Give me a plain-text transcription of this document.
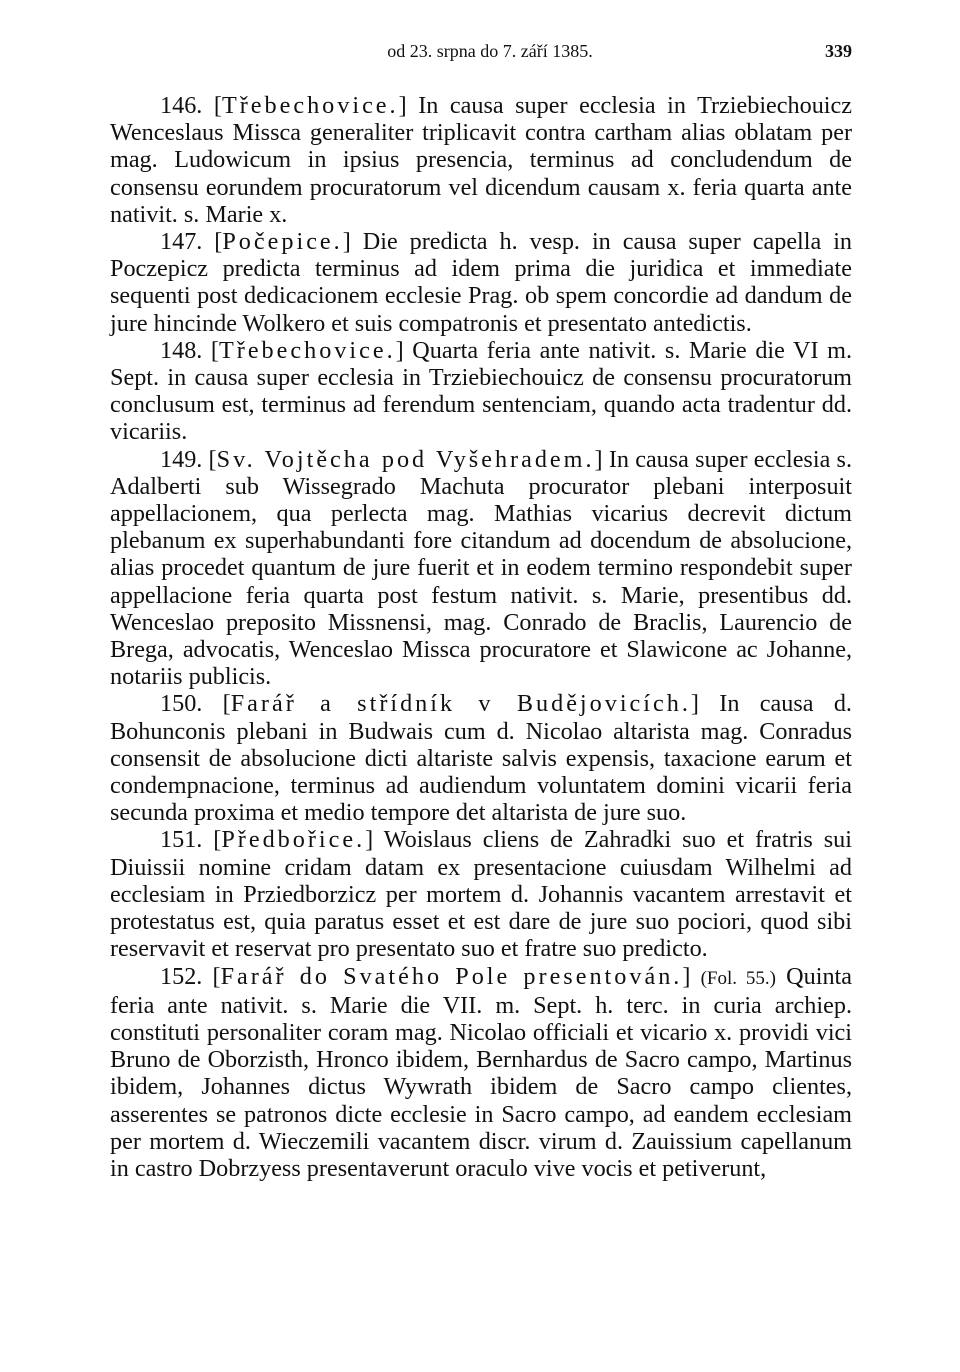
od 23. srpna do 7. září 1385.	339

146. [Třebechovice.] In causa super ecclesia in Trziebiechouicz Wenceslaus Missca generaliter triplicavit contra cartham alias oblatam per mag. Ludowicum in ipsius presencia, terminus ad concludendum de consensu eorundem procuratorum vel dicendum causam x. feria quarta ante nativit. s. Marie x.

147. [Počepice.] Die predicta h. vesp. in causa super capella in Poczepicz predicta terminus ad idem prima die juridica et immediate sequenti post dedicacionem ecclesie Prag. ob spem concordie ad dandum de jure hincinde Wolkero et suis compatronis et presentato antedictis.

148. [Třebechovice.] Quarta feria ante nativit. s. Marie die VI m. Sept. in causa super ecclesia in Trziebiechouicz de consensu procuratorum conclusum est, terminus ad ferendum sentenciam, quando acta tradentur dd. vicariis.

149. [Sv. Vojtěcha pod Vyšehradem.] In causa super ecclesia s. Adalberti sub Wissegrado Machuta procurator plebani interposuit appellacionem, qua perlecta mag. Mathias vicarius decrevit dictum plebanum ex superhabundanti fore citandum ad docendum de absolucione, alias procedet quantum de jure fuerit et in eodem termino respondebit super appellacione feria quarta post festum nativit. s. Marie, presentibus dd. Wenceslao preposito Missnensi, mag. Conrado de Braclis, Laurencio de Brega, advocatis, Wenceslao Missca procuratore et Slawicone ac Johanne, notariis publicis.

150. [Farář a střídník v Budějovicích.] In causa d. Bohunconis plebani in Budwais cum d. Nicolao altarista mag. Conradus consensit de absolucione dicti altariste salvis expensis, taxacione earum et condempnacione, terminus ad audiendum voluntatem domini vicarii feria secunda proxima et medio tempore det altarista de jure suo.

151. [Předbořice.] Woislaus cliens de Zahradki suo et fratris sui Diuissii nomine cridam datam ex presentacione cuiusdam Wilhelmi ad ecclesiam in Prziedborzicz per mortem d. Johannis vacantem arrestavit et protestatus est, quia paratus esset et est dare de jure suo pociori, quod sibi reservavit et reservat pro presentato suo et fratre suo predicto.

152. [Farář do Svatého Pole presentován.] (Fol. 55.) Quinta feria ante nativit. s. Marie die VII. m. Sept. h. terc. in curia archiep. constituti personaliter coram mag. Nicolao officiali et vicario x. providi vici Bruno de Oborzisth, Hronco ibidem, Bernhardus de Sacro campo, Martinus ibidem, Johannes dictus Wywrath ibidem de Sacro campo clientes, asserentes se patronos dicte ecclesie in Sacro campo, ad eandem ecclesiam per mortem d. Wieczemili vacantem discr. virum d. Zauissium capellanum in castro Dobrzyess presentaverunt oraculo vive vocis et petiverunt,
